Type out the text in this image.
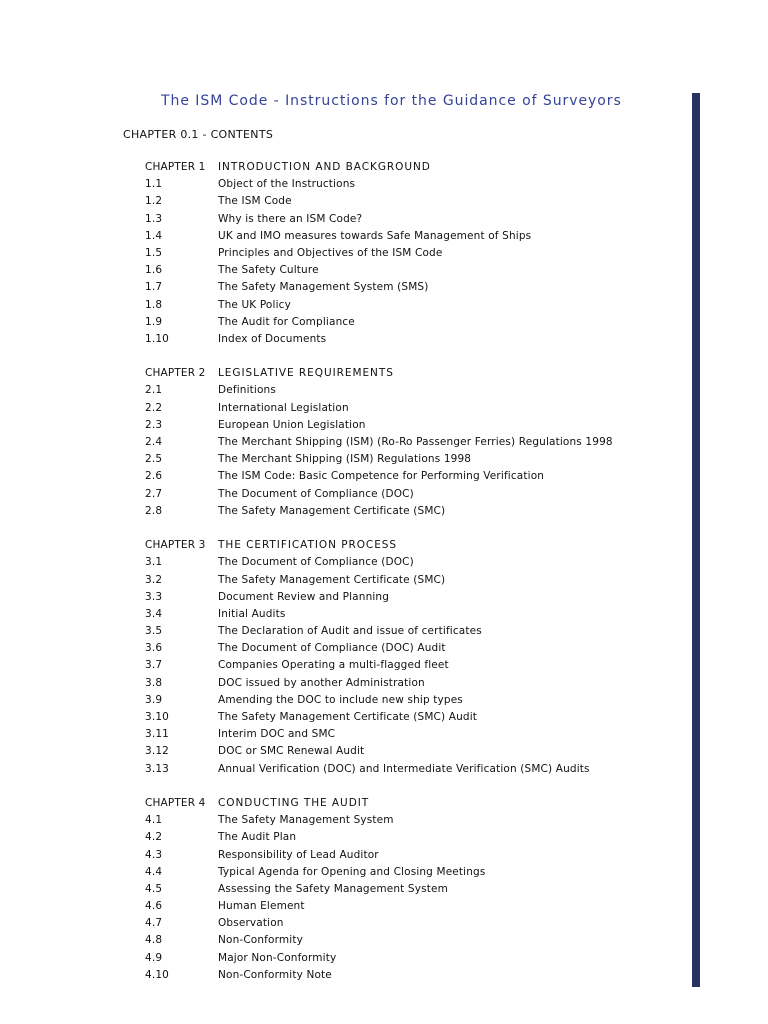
The ISM Code - Instructions for the Guidance of Surveyors
CHAPTER 0.1 - CONTENTS
CHAPTER 1	INTRODUCTION AND BACKGROUND
1.1	Object of the Instructions
1.2	The ISM Code
1.3	Why is there an ISM Code?
1.4	UK and IMO measures towards Safe Management of Ships
1.5	Principles and Objectives of the ISM Code
1.6	The Safety Culture
1.7	The Safety Management System (SMS)
1.8	The UK Policy
1.9	The Audit for Compliance
1.10	Index of Documents
CHAPTER 2	LEGISLATIVE REQUIREMENTS
2.1	Definitions
2.2	International Legislation
2.3	European Union Legislation
2.4	The Merchant Shipping (ISM) (Ro-Ro Passenger Ferries) Regulations 1998
2.5	The Merchant Shipping (ISM) Regulations 1998
2.6	The ISM Code: Basic Competence for Performing Verification
2.7	The Document of Compliance (DOC)
2.8	The Safety Management Certificate (SMC)
CHAPTER 3	THE CERTIFICATION PROCESS
3.1	The Document of Compliance (DOC)
3.2	The Safety Management Certificate (SMC)
3.3	Document Review and Planning
3.4	Initial Audits
3.5	The Declaration of Audit and issue of certificates
3.6	The Document of Compliance (DOC) Audit
3.7	Companies Operating a multi-flagged fleet
3.8	DOC issued by another Administration
3.9	Amending the DOC to include new ship types
3.10	The Safety Management Certificate (SMC) Audit
3.11	Interim DOC and SMC
3.12	DOC or SMC Renewal Audit
3.13	Annual Verification (DOC) and Intermediate Verification (SMC) Audits
CHAPTER 4	CONDUCTING THE AUDIT
4.1	The Safety Management System
4.2	The Audit Plan
4.3	Responsibility of Lead Auditor
4.4	Typical Agenda for Opening and Closing Meetings
4.5	Assessing the Safety Management System
4.6	Human Element
4.7	Observation
4.8	Non-Conformity
4.9	Major Non-Conformity
4.10	Non-Conformity Note
